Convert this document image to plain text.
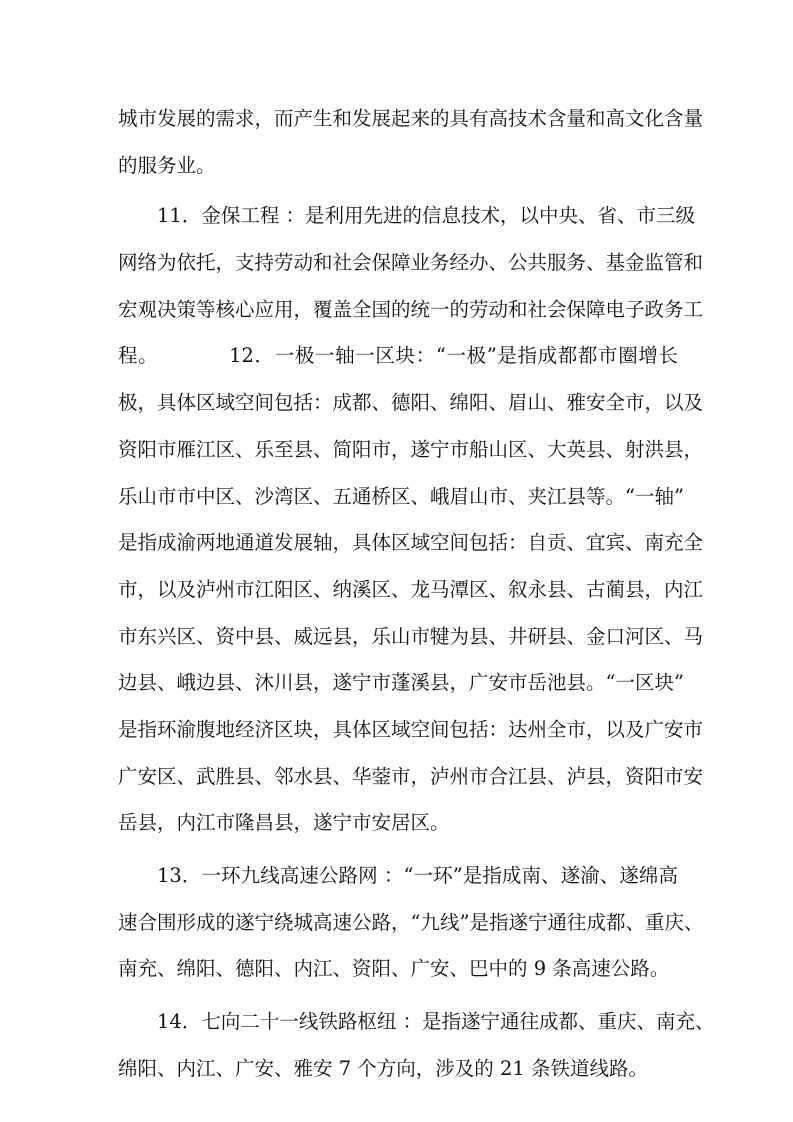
城市发展的需求，而产生和发展起来的具有高技术含量和高文化含量
的服务业。
11．金保工程 ：是利用先进的信息技术，以中央、省、市三级
网络为依托，支持劳动和社会保障业务经办、公共服务、基金监管和
宏观决策等核心应用，覆盖全国的统一的劳动和社会保障电子政务工
程。　　　　12．一极一轴一区块：“一极”是指成都都市圈增长
极，具体区域空间包括：成都、德阳、绵阳、眉山、雅安全市，以及
资阳市雁江区、乐至县、简阳市，遂宁市船山区、大英县、射洪县，
乐山市市中区、沙湾区、五通桥区、峨眉山市、夹江县等。“一轴”
是指成渝两地通道发展轴，具体区域空间包括：自贡、宜宾、南充全
市，以及泸州市江阳区、纳溪区、龙马潭区、叙永县、古蔺县，内江
市东兴区、资中县、威远县，乐山市犍为县、井研县、金口河区、马
边县、峨边县、沐川县，遂宁市蓬溪县，广安市岳池县。“一区块”
是指环渝腹地经济区块，具体区域空间包括：达州全市，以及广安市
广安区、武胜县、邻水县、华蓥市，泸州市合江县、泸县，资阳市安
岳县，内江市隆昌县，遂宁市安居区。
13．一环九线高速公路网 ：“一环”是指成南、遂渝、遂绵高
速合围形成的遂宁绕城高速公路，“九线”是指遂宁通往成都、重庆、
南充、绵阳、德阳、内江、资阳、广安、巴中的 9 条高速公路。
14．七向二十一线铁路枢纽 ：是指遂宁通往成都、重庆、南充、
绵阳、内江、广安、雅安 7 个方向，涉及的 21 条铁道线路。
